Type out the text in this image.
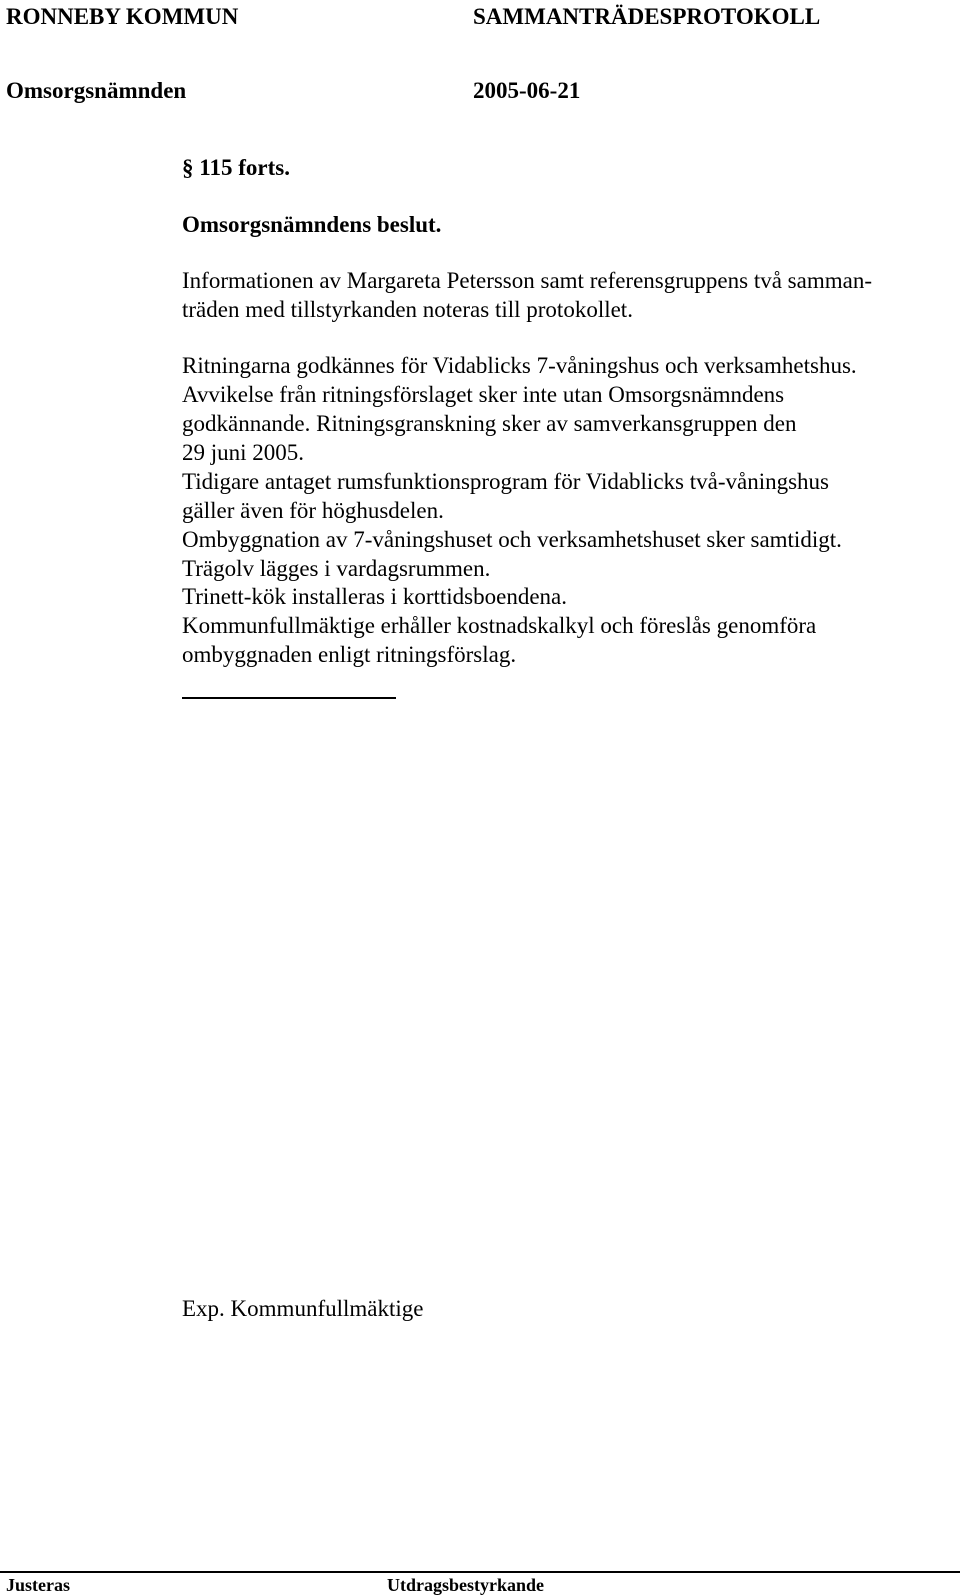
RONNEBY KOMMUN	SAMMANTRÄDESPROTOKOLL
Omsorgsnämnden	2005-06-21
§ 115 forts.
Omsorgsnämndens beslut.
Informationen av Margareta Petersson samt referensgruppens två samman-
träden med tillstyrkanden noteras till protokollet.
Ritningarna godkännes för Vidablicks 7-våningshus och verksamhetshus.
Avvikelse från ritningsförslaget sker inte utan Omsorgsnämndens
godkännande. Ritningsgranskning sker av samverkansgruppen den
29 juni 2005.
Tidigare antaget rumsfunktionsprogram för Vidablicks två-våningshus
gäller även för höghusdelen.
Ombyggnation av 7-våningshuset och verksamhetshuset sker samtidigt.
Trägolv lägges i vardagsrummen.
Trinett-kök installeras i korttidsboendena.
Kommunfullmäktige erhåller kostnadskalkyl och föreslås genomföra
ombyggnaden enligt ritningsförslag.
Exp. Kommunfullmäktige
Justeras	Utdragsbestyrkande
